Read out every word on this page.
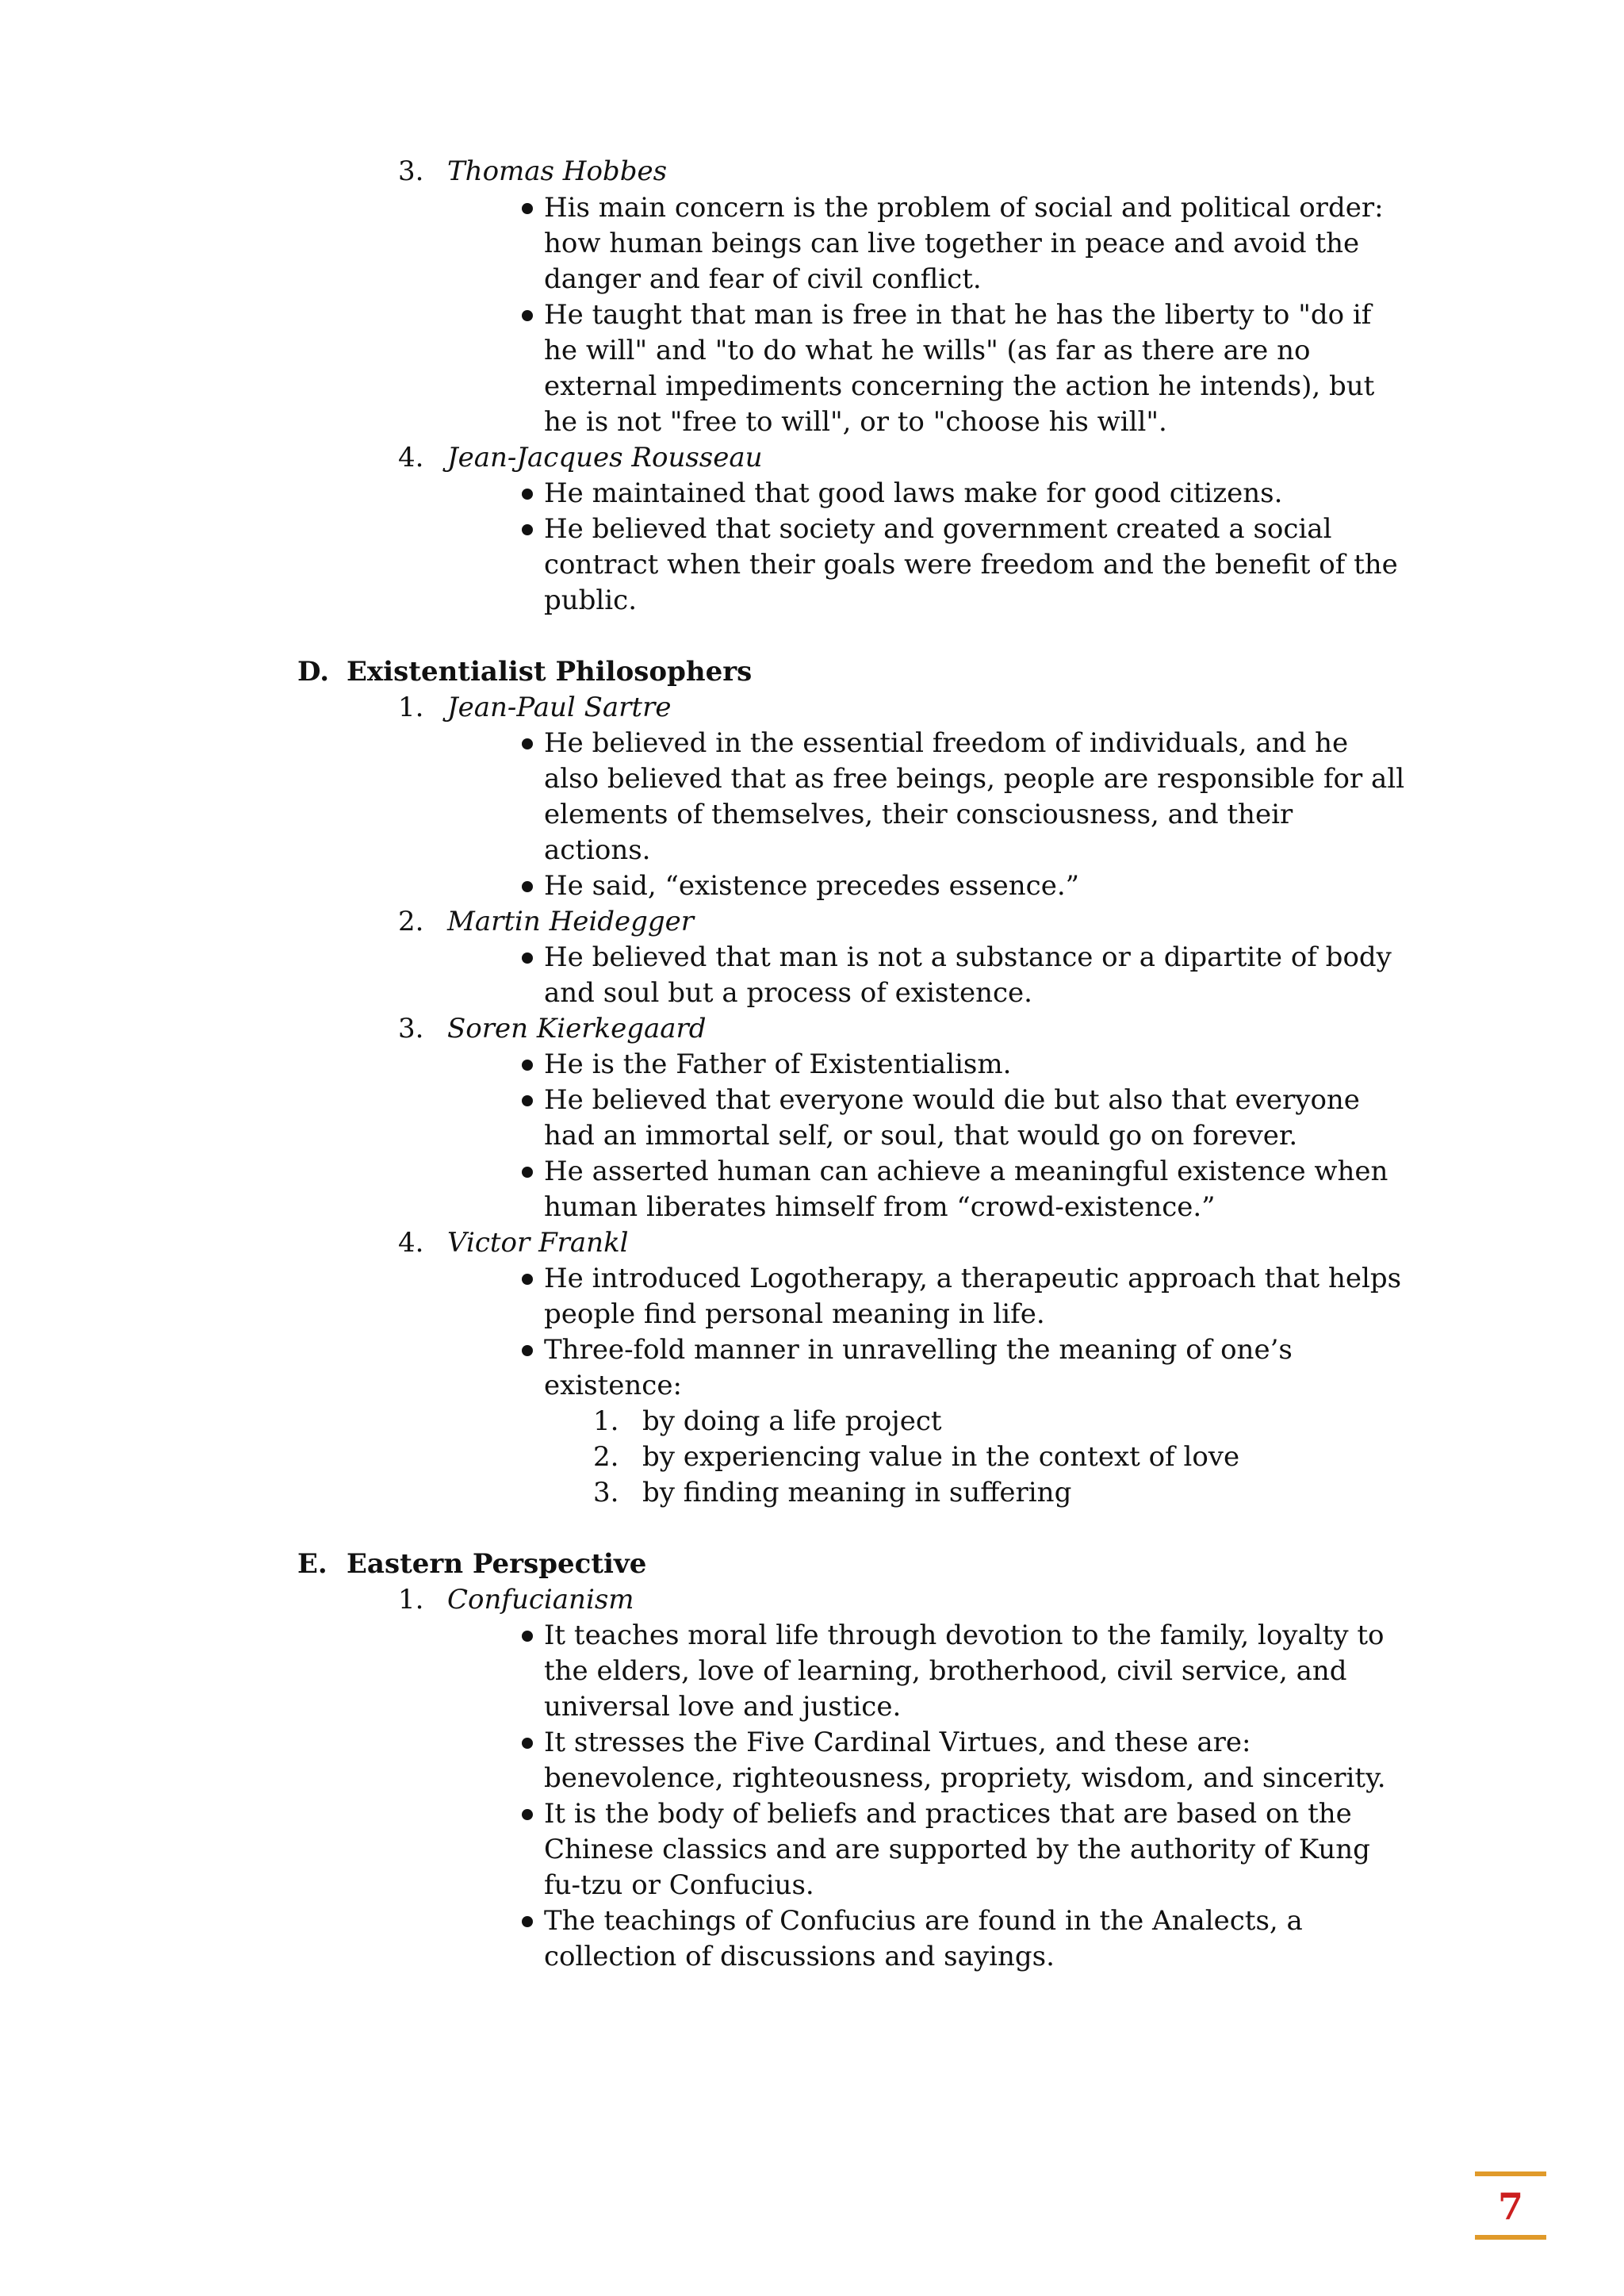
3. Thomas Hobbes
His main concern is the problem of social and political order:
how human beings can live together in peace and avoid the
danger and fear of civil conflict.
He taught that man is free in that he has the liberty to "do if
he will" and "to do what he wills" (as far as there are no
external impediments concerning the action he intends), but
he is not "free to will", or to "choose his will".
4. Jean-Jacques Rousseau
He maintained that good laws make for good citizens.
He believed that society and government created a social
contract when their goals were freedom and the benefit of the
public.
D. Existentialist Philosophers
1. Jean-Paul Sartre
He believed in the essential freedom of individuals, and he
also believed that as free beings, people are responsible for all
elements of themselves, their consciousness, and their
actions.
He said, “existence precedes essence.”
2. Martin Heidegger
He believed that man is not a substance or a dipartite of body
and soul but a process of existence.
3. Soren Kierkegaard
He is the Father of Existentialism.
He believed that everyone would die but also that everyone
had an immortal self, or soul, that would go on forever.
He asserted human can achieve a meaningful existence when
human liberates himself from “crowd-existence.”
4. Victor Frankl
He introduced Logotherapy, a therapeutic approach that helps
people find personal meaning in life.
Three-fold manner in unravelling the meaning of one’s
existence:
1. by doing a life project
2. by experiencing value in the context of love
3. by finding meaning in suffering
E. Eastern Perspective
1. Confucianism
It teaches moral life through devotion to the family, loyalty to
the elders, love of learning, brotherhood, civil service, and
universal love and justice.
It stresses the Five Cardinal Virtues, and these are:
benevolence, righteousness, propriety, wisdom, and sincerity.
It is the body of beliefs and practices that are based on the
Chinese classics and are supported by the authority of Kung
fu-tzu or Confucius.
The teachings of Confucius are found in the Analects, a
collection of discussions and sayings.
7
